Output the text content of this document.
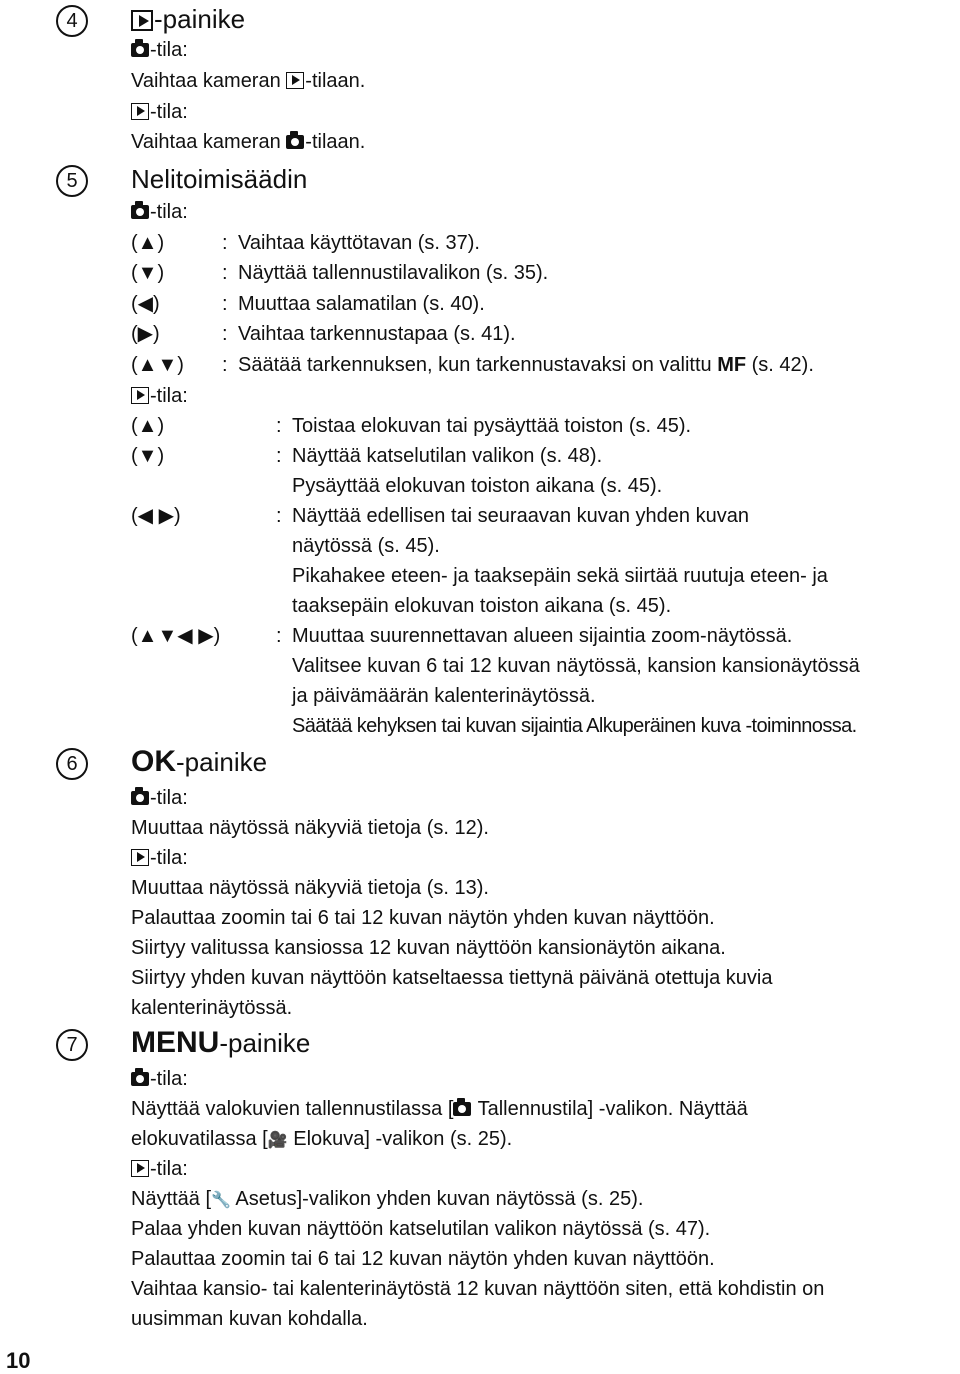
4	-painike
-tila:
Vaihtaa kameran -tilaan.
-tila:
Vaihtaa kameran -tilaan.
5	Nelitoimisäädin
-tila:
(▲)	: Vaihtaa käyttötavan (s. 37).
(▼)	: Näyttää tallennustilavalikon (s. 35).
(◀)	: Muuttaa salamatilan (s. 40).
(▶)	: Vaihtaa tarkennustapaa (s. 41).
(▲▼) : Säätää tarkennuksen, kun tarkennustavaksi on valittu MF (s. 42).
-tila:
(▲)	: Toistaa elokuvan tai pysäyttää toiston (s. 45).
(▼)	: Näyttää katselutilan valikon (s. 48).
Pysäyttää elokuvan toiston aikana (s. 45).
(◀ ▶)	: Näyttää edellisen tai seuraavan kuvan yhden kuvan
näytössä (s. 45).
Pikahakee eteen- ja taaksepäin sekä siirtää ruutuja eteen- ja
taaksepäin elokuvan toiston aikana (s. 45).
(▲▼◀ ▶)	: Muuttaa suurennettavan alueen sijaintia zoom-näytössä.
Valitsee kuvan 6 tai 12 kuvan näytössä, kansion kansionäytössä
ja päivämäärän kalenterinäytössä.
Säätää kehyksen tai kuvan sijaintia Alkuperäinen kuva -toiminnossa.
6	OK-painike
-tila:
Muuttaa näytössä näkyviä tietoja (s. 12).
-tila:
Muuttaa näytössä näkyviä tietoja (s. 13).
Palauttaa zoomin tai 6 tai 12 kuvan näytön yhden kuvan näyttöön.
Siirtyy valitussa kansiossa 12 kuvan näyttöön kansionäytön aikana.
Siirtyy yhden kuvan näyttöön katseltaessa tiettynä päivänä otettuja kuvia
kalenterinäytössä.
7	MENU-painike
-tila:
Näyttää valokuvien tallennustilassa [ Tallennustila] -valikon. Näyttää
elokuvatilassa [🎥 Elokuva] -valikon (s. 25).
-tila:
Näyttää [🔧 Asetus]-valikon yhden kuvan näytössä (s. 25).
Palaa yhden kuvan näyttöön katselutilan valikon näytössä (s. 47).
Palauttaa zoomin tai 6 tai 12 kuvan näytön yhden kuvan näyttöön.
Vaihtaa kansio- tai kalenterinäytöstä 12 kuvan näyttöön siten, että kohdistin on
uusimman kuvan kohdalla.
10
